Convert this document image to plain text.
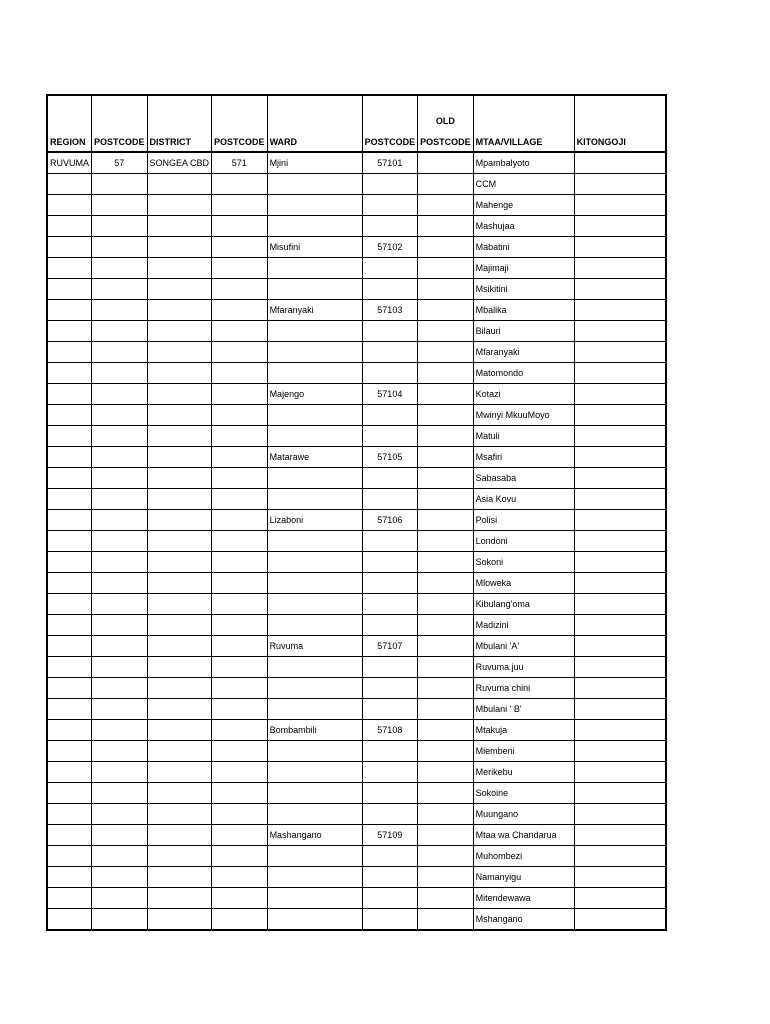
REGION	POSTCODE	DISTRICT	POSTCODE	WARD	POSTCODE	OLD
POSTCODE	MTAA/VILLAGE	KITONGOJI
RUVUMA	57	SONGEA CBD	571	Mjini	57101		Mpambalyoto	
							CCM	
							Mahenge	
							Mashujaa	
				Misufini	57102		Mabatini	
							Majimaji	
							Msikitini	
				Mfaranyaki	57103		Mbalika	
							Bilauri	
							Mfaranyaki	
							Matomondo	
				Majengo	57104		Kotazi	
							Mwinyi MkuuMoyo	
							Matuli	
				Matarawe	57105		Msafiri	
							Sabasaba	
							Asia Kovu	
				Lizaboni	57106		Polisi	
							Londoni	
							Sokoni	
							Mloweka	
							Kibulang'oma	
							Madizini	
				Ruvuma	57107		Mbulani 'A'	
							Ruvuma juu	
							Ruvuma chini	
							Mbulani ' B'	
				Bombambili	57108		Mtakuja	
							Miembeni	
							Merikebu	
							Sokoine	
							Muungano	
				Mashangano	57109		Mtaa wa Chandarua	
							Muhombezi	
							Namanyigu	
							Mitendewawa	
							Mshangano	
